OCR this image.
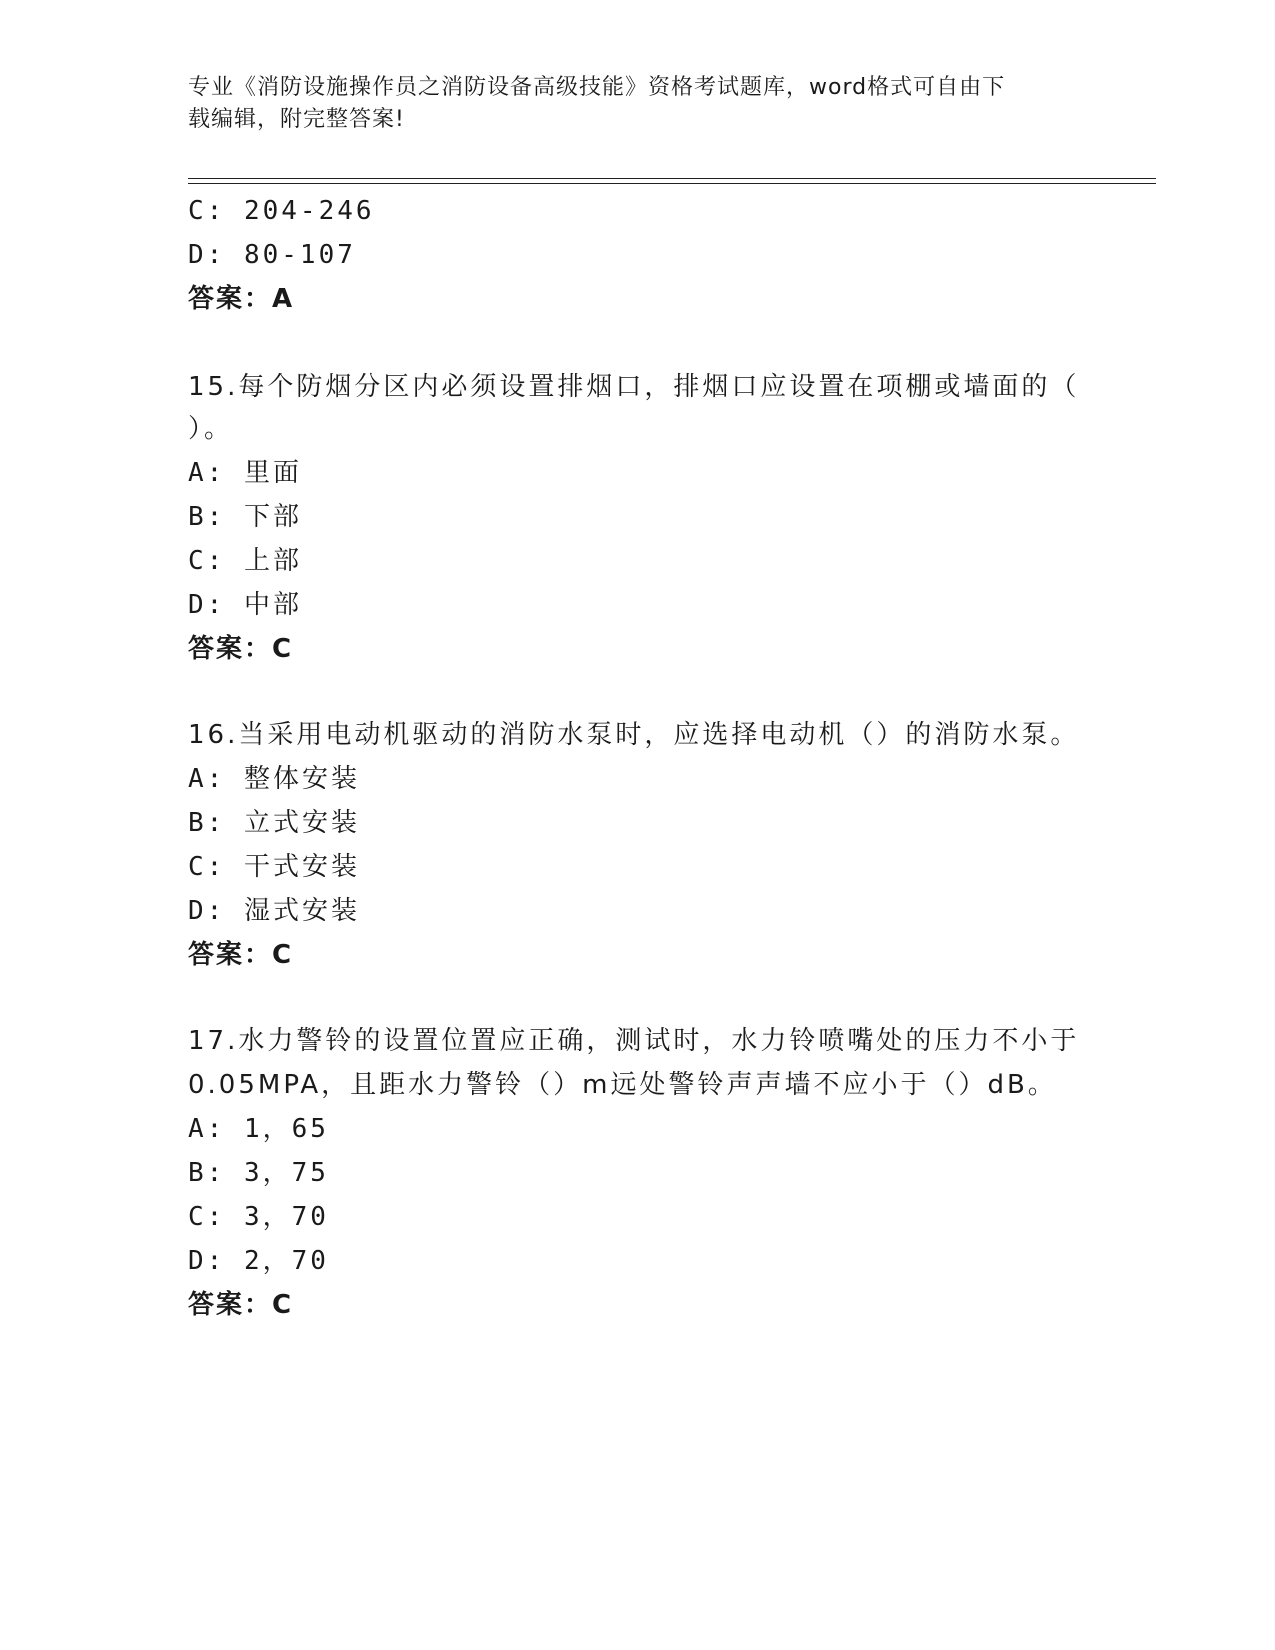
专业《消防设施操作员之消防设备高级技能》资格考试题库，word格式可自由下
载编辑，附完整答案!
C: 204-246
D: 80-107
答案：A
15.每个防烟分区内必须设置排烟口，排烟口应设置在项棚或墙面的（
）。
A: 里面
B: 下部
C: 上部
D: 中部
答案：C
16.当采用电动机驱动的消防水泵时，应选择电动机（）的消防水泵。
A: 整体安装
B: 立式安装
C: 干式安装
D: 湿式安装
答案：C
17.水力警铃的设置位置应正确，测试时，水力铃喷嘴处的压力不小于
0.05MPA，且距水力警铃（）m远处警铃声声墙不应小于（）dB。
A: 1，65
B: 3，75
C: 3，70
D: 2，70
答案：C
